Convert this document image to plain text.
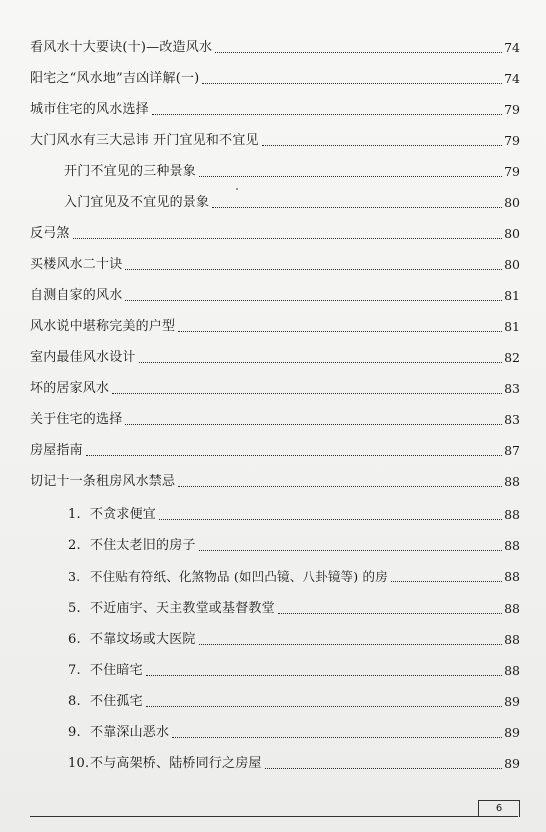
看风水十大要诀(十)—改造风水	74
阳宅之“风水地”吉凶详解(一)	74
城市住宅的风水选择	79
大门风水有三大忌讳 开门宜见和不宜见	79
开门不宜见的三种景象	79
入门宜见及不宜见的景象	80
反弓煞	80
买楼风水二十诀	80
自测自家的风水	81
风水说中堪称完美的户型	81
室内最佳风水设计	82
坏的居家风水	83
关于住宅的选择	83
房屋指南	87
切记十一条租房风水禁忌	88
1. 不贪求便宜	88
2. 不住太老旧的房子	88
3. 不住贴有符纸、化煞物品 (如凹凸镜、八卦镜等) 的房	88
5. 不近庙宇、天主教堂或基督教堂	88
6. 不靠坟场或大医院	88
7. 不住暗宅	88
8. 不住孤宅	89
9. 不靠深山恶水	89
10.不与高架桥、陆桥同行之房屋	89
6
